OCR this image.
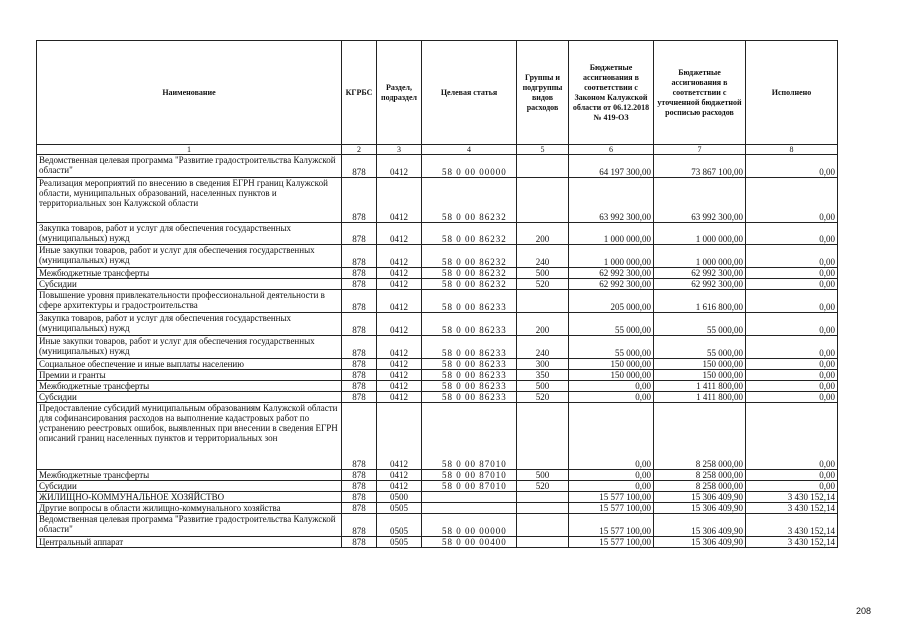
Наименование	КГРБС	Раздел, подраздел	Целевая статья	Группы и подгруппы видов расходов	Бюджетные ассигнования в соответствии с Законом Калужской области от 06.12.2018 № 419-ОЗ	Бюджетные ассигнования в соответствии с уточненной бюджетной росписью расходов	Исполнено
1	2	3	4	5	6	7	8
Ведомственная целевая программа "Развитие градостроительства Калужской области"	878	0412	58 0 00 00000		64 197 300,00	73 867 100,00	0,00
Реализация мероприятий по внесению в сведения ЕГРН границ Калужской области, муниципальных образований, населенных пунктов и территориальных зон Калужской области	878	0412	58 0 00 86232		63 992 300,00	63 992 300,00	0,00
Закупка товаров, работ и услуг для обеспечения государственных (муниципальных) нужд	878	0412	58 0 00 86232	200	1 000 000,00	1 000 000,00	0,00
Иные закупки товаров, работ и услуг для обеспечения государственных (муниципальных) нужд	878	0412	58 0 00 86232	240	1 000 000,00	1 000 000,00	0,00
Межбюджетные трансферты	878	0412	58 0 00 86232	500	62 992 300,00	62 992 300,00	0,00
Субсидии	878	0412	58 0 00 86232	520	62 992 300,00	62 992 300,00	0,00
Повышение уровня привлекательности профессиональной деятельности в сфере архитектуры и градостроительства	878	0412	58 0 00 86233		205 000,00	1 616 800,00	0,00
Закупка товаров, работ и услуг для обеспечения государственных (муниципальных) нужд	878	0412	58 0 00 86233	200	55 000,00	55 000,00	0,00
Иные закупки товаров, работ и услуг для обеспечения государственных (муниципальных) нужд	878	0412	58 0 00 86233	240	55 000,00	55 000,00	0,00
Социальное обеспечение и иные выплаты населению	878	0412	58 0 00 86233	300	150 000,00	150 000,00	0,00
Премии и гранты	878	0412	58 0 00 86233	350	150 000,00	150 000,00	0,00
Межбюджетные трансферты	878	0412	58 0 00 86233	500	0,00	1 411 800,00	0,00
Субсидии	878	0412	58 0 00 86233	520	0,00	1 411 800,00	0,00
Предоставление субсидий муниципальным образованиям Калужской области для софинансирования расходов на выполнение кадастровых работ по устранению реестровых ошибок, выявленных при внесении в сведения ЕГРН описаний границ населенных пунктов и территориальных зон	878	0412	58 0 00 87010		0,00	8 258 000,00	0,00
Межбюджетные трансферты	878	0412	58 0 00 87010	500	0,00	8 258 000,00	0,00
Субсидии	878	0412	58 0 00 87010	520	0,00	8 258 000,00	0,00
ЖИЛИЩНО-КОММУНАЛЬНОЕ ХОЗЯЙСТВО	878	0500			15 577 100,00	15 306 409,90	3 430 152,14
Другие вопросы в области жилищно-коммунального хозяйства	878	0505			15 577 100,00	15 306 409,90	3 430 152,14
Ведомственная целевая программа "Развитие градостроительства Калужской области"	878	0505	58 0 00 00000		15 577 100,00	15 306 409,90	3 430 152,14
Центральный аппарат	878	0505	58 0 00 00400		15 577 100,00	15 306 409,90	3 430 152,14
208
